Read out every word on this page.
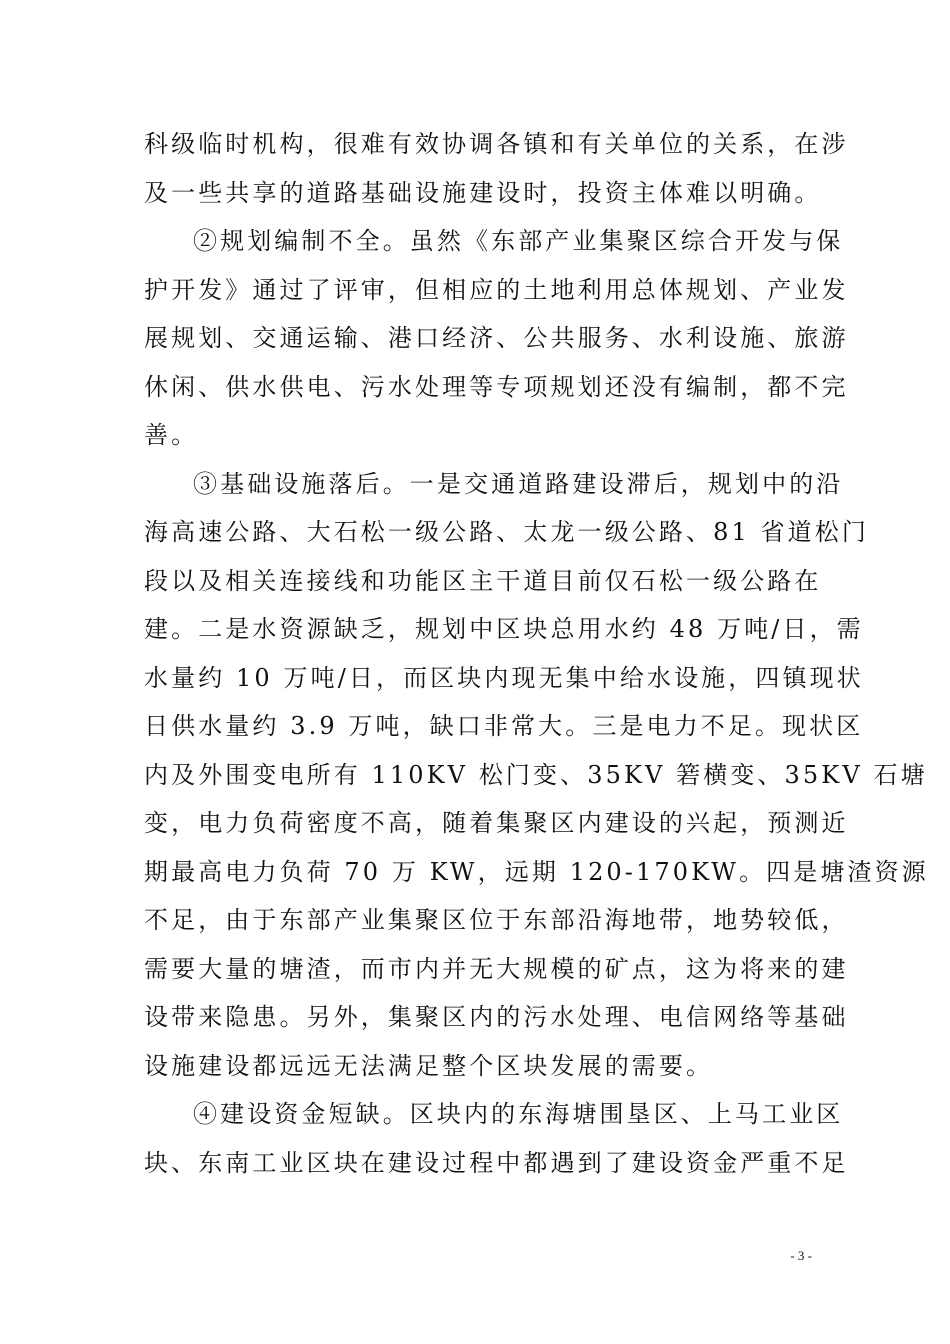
科级临时机构，很难有效协调各镇和有关单位的关系，在涉
及一些共享的道路基础设施建设时，投资主体难以明确。
②规划编制不全。虽然《东部产业集聚区综合开发与保
护开发》通过了评审，但相应的土地利用总体规划、产业发
展规划、交通运输、港口经济、公共服务、水利设施、旅游
休闲、供水供电、污水处理等专项规划还没有编制，都不完
善。
③基础设施落后。一是交通道路建设滞后，规划中的沿
海高速公路、大石松一级公路、太龙一级公路、81 省道松门
段以及相关连接线和功能区主干道目前仅石松一级公路在
建。二是水资源缺乏，规划中区块总用水约 48 万吨/日，需
水量约 10 万吨/日，而区块内现无集中给水设施，四镇现状
日供水量约 3.9 万吨，缺口非常大。三是电力不足。现状区
内及外围变电所有 110KV 松门变、35KV 箬横变、35KV 石塘
变，电力负荷密度不高，随着集聚区内建设的兴起，预测近
期最高电力负荷 70 万 KW，远期 120-170KW。四是塘渣资源
不足，由于东部产业集聚区位于东部沿海地带，地势较低，
需要大量的塘渣，而市内并无大规模的矿点，这为将来的建
设带来隐患。另外，集聚区内的污水处理、电信网络等基础
设施建设都远远无法满足整个区块发展的需要。
④建设资金短缺。区块内的东海塘围垦区、上马工业区
块、东南工业区块在建设过程中都遇到了建设资金严重不足
- 3 -
